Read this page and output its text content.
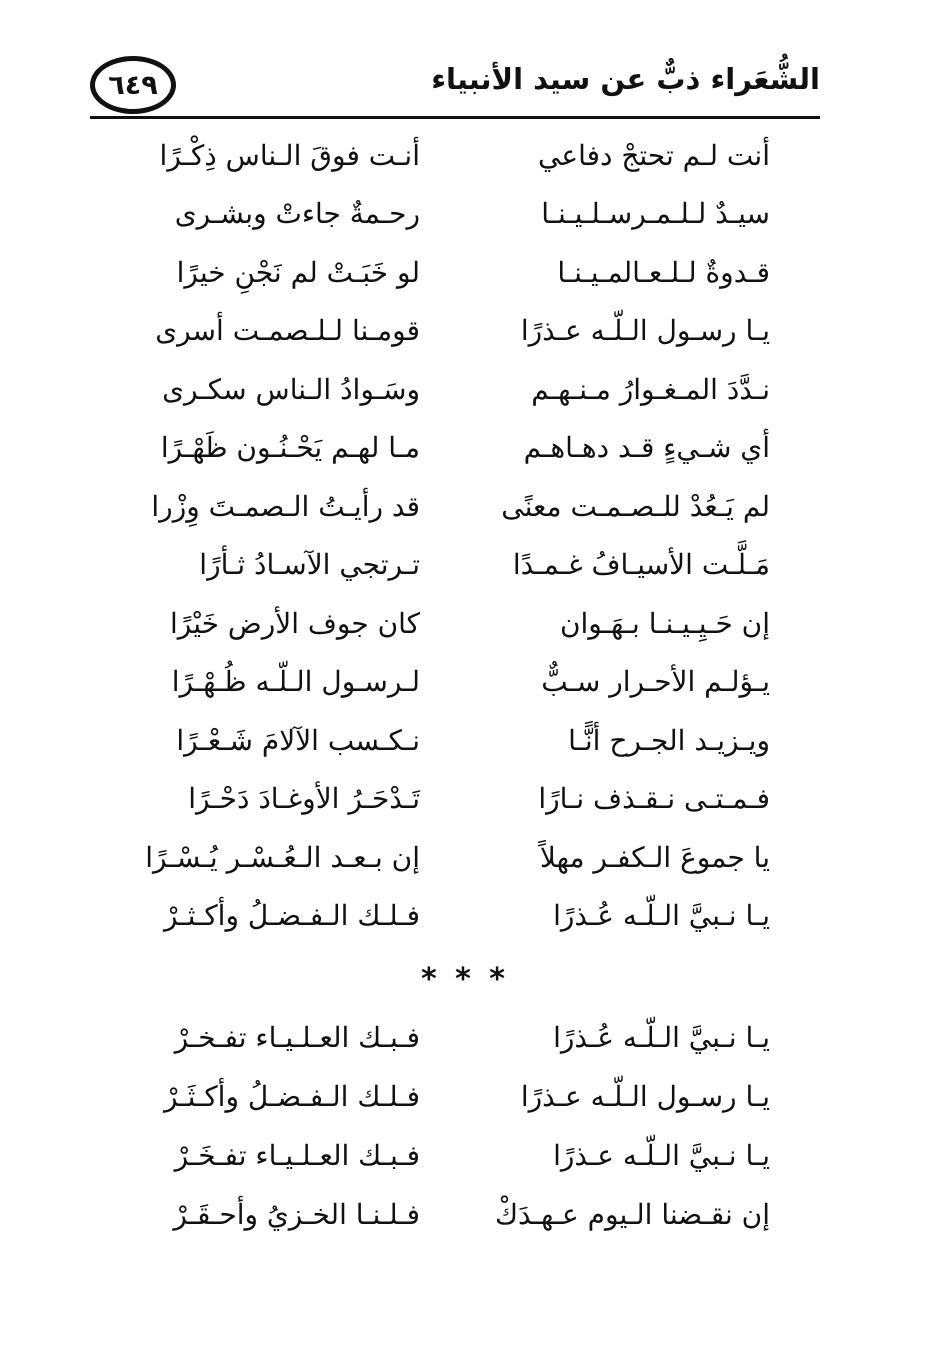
٦٤٩	الشُّعَراء ذبٌّ عن سيد الأنبياء
أنت لـم تحتجْ دفاعي
أنـت فوقَ الـناس ذِكْـرًا
سيـدٌ لـلـمـرسـلـيـنـا
رحـمةٌ جاءتْ وبشـرى
قـدوةٌ لـلـعـالمـيـنـا
لو خَبَـتْ لم نَجْنِ خيرًا
يـا رسـول الـلّـه عـذرًا
قومـنا لـلـصمـت أسرى
نـدَّدَ المـغـوارُ مـنـهـم
وسَـوادُ الـناس سكـرى
أي شـيءٍ قـد دهـاهـم
مـا لهـم يَحْـنُـون ظَهْـرًا
لم يَـعُدْ للـصـمـت معنًى
قد رأيـتُ الـصمـتَ وِزْرا
مَـلَّـت الأسيـافُ غـمـدًا
تـرتجي الآسـادُ ثـأرًا
إن حَـيِـيـنـا بـهَـوان
كان جوف الأرض خَيْرًا
يـؤلـم الأحـرار سـبٌّ
لـرسـول الـلّـه ظُـهْـرًا
ويـزيـد الجـرح أنًّـا
نـكـسب الآلامَ شَـعْـرًا
فـمـتـى نـقـذف نـارًا
تَـدْحَـرُ الأوغـادَ دَحْـرًا
يا جموعَ الـكفـر مهلاً
إن بـعـد الـعُـسْـر يُـسْـرًا
يـا نـبيَّ الـلّـه عُـذرًا
فـلـك الـفـضـلُ وأكـثـرْ
* * *
يـا نـبيَّ الـلّـه عُـذرًا
فـبـك العـلـيـاء تفـخـرْ
يـا رسـول الـلّـه عـذرًا
فـلـك الـفـضـلُ وأكـثَـرْ
يـا نـبيَّ الـلّـه عـذرًا
فـبـك العـلـيـاء تفـخَـرْ
إن نقـضنا الـيوم عـهـدَكْ
فـلـنـا الخـزيُ وأحـقَـرْ
